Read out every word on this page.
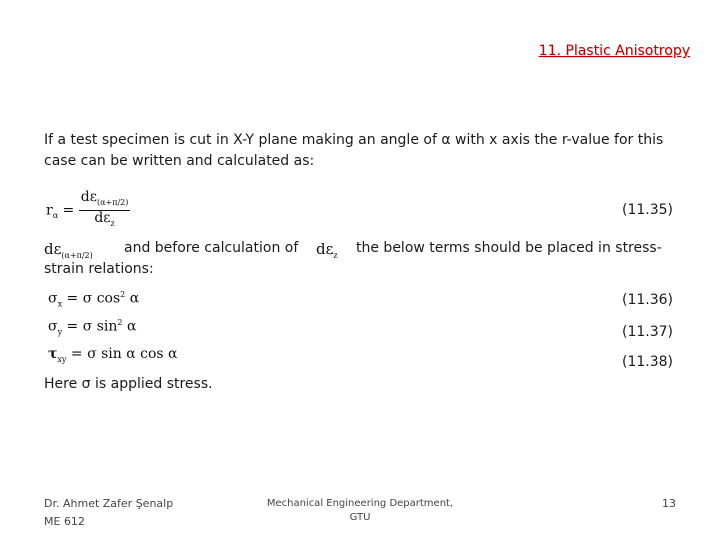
11. Plastic Anisotropy
If a test specimen is cut in X-Y plane making an angle of α with x axis the r-value for this case can be written and calculated as:
$r_\alpha = \frac{d\varepsilon_{(\alpha+\pi/2)}}{d\varepsilon_z}$	(11.35)
$d\varepsilon_{(\alpha+\pi/2)}$ and before calculation of $d\varepsilon_z$	the below terms should be placed in stress-strain relations:
$\sigma_x = \sigma$ $\cos^2 \alpha$	(11.36)
$\sigma_y = \sigma$ $\sin^2 \alpha$	(11.37)
$\tau_{xy} = \sigma$ sin α cos α	(11.38)
Here σ is applied stress.
Dr. Ahmet Zafer Şenalp
ME 612
Mechanical Engineering Department,
GTU
13
